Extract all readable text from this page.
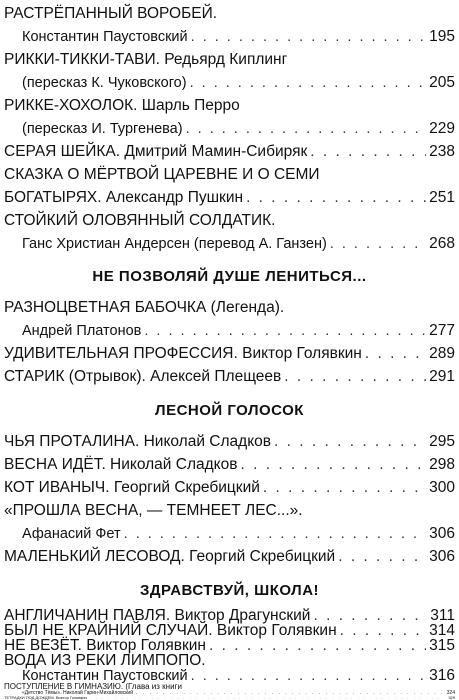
РАСТРЁПАННЫЙ ВОРОБЕЙ.
Константин Паустовский . . .	195
РИККИ-ТИККИ-ТАВИ. Редьярд Киплинг
(пересказ К. Чуковского) . . .	205
РИККЕ-ХОХОЛОК. Шарль Перро
(пересказ И. Тургенева) . . .	229
СЕРАЯ ШЕЙКА. Дмитрий Мамин-Сибиряк . . .	238
СКАЗКА О МЁРТВОЙ ЦАРЕВНЕ И О СЕМИ
БОГАТЫРЯХ. Александр Пушкин . . .	251
СТОЙКИЙ ОЛОВЯННЫЙ СОЛДАТИК.
Ганс Христиан Андерсен (перевод А. Ганзен) . . .	268
НЕ ПОЗВОЛЯЙ ДУШЕ ЛЕНИТЬСЯ...
РАЗНОЦВЕТНАЯ БАБОЧКА (Легенда).
Андрей Платонов . . .	277
УДИВИТЕЛЬНАЯ ПРОФЕССИЯ. Виктор Голявкин . . .	289
СТАРИК (Отрывок). Алексей Плещеев . . .	291
ЛЕСНОЙ ГОЛОСОК
ЧЬЯ ПРОТАЛИНА. Николай Сладков . . .	295
ВЕСНА ИДЁТ. Николай Сладков . . .	298
КОТ ИВАНЫЧ. Георгий Скребицкий . . .	300
«ПРОШЛА ВЕСНА, — ТЕМНЕЕТ ЛЕС...».
Афанасий Фет . . .	306
МАЛЕНЬКИЙ ЛЕСОВОД. Георгий Скребицкий . . .	306
ЗДРАВСТВУЙ, ШКОЛА!
АНГЛИЧАНИН ПАВЛЯ. Виктор Драгунский . . .	311
БЫЛ НЕ КРАЙНИЙ СЛУЧАЙ. Виктор Голявкин . . .	314
НЕ ВЕЗЁТ. Виктор Голявкин . . .	315
ВОДА ИЗ РЕКИ ЛИМПОПО.
Константин Паустовский . . .	316
ПОСТУПЛЕНИЕ В ГИМНАЗИЮ. (Глава из книги
«Детство Тёмы». Николай Гарин-Михайловский . . .	324
ТЕТРАДКИ ПОД ДОЖДЕМ. Виктор Голявкин . . .	329
